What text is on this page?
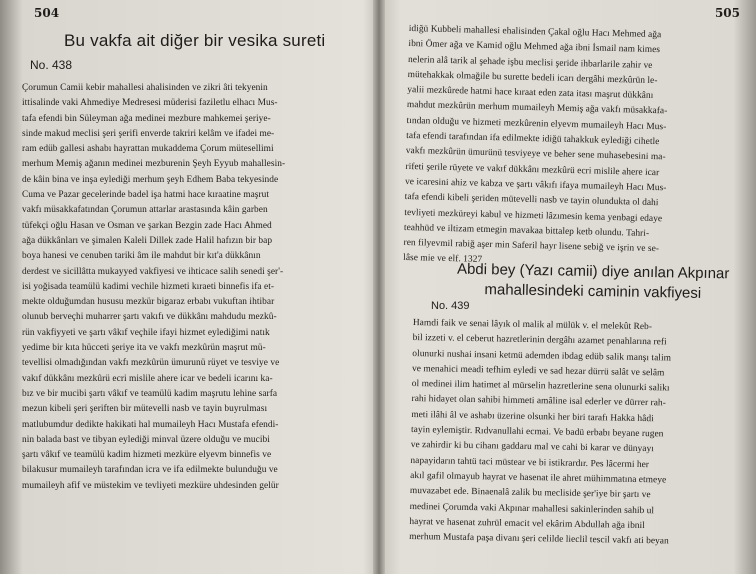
504
Bu vakfa ait diğer bir vesika sureti
No. 438
Çorumun Camii kebir mahallesi ahalisinden ve zikri âti tekyenin
ittisalinde vaki Ahmediye Medresesi müderisi faziletlu elhacı Mus-
tafa efendi bin Süleyman ağa medinei mezbure mahkemei şeriye-
sinde makud meclisi şeri şerifi enverde takriri kelâm ve ifadei me-
ram edüb gallesi ashabı hayrattan mukaddema Çorum mütesellimi
merhum Memiş ağanın medinei mezburenin Şeyh Eyyub mahallesin-
de kâin bina ve inşa eylediği merhum şeyh Edhem Baba tekyesinde
Cuma ve Pazar gecelerinde badel işa hatmi hace kıraatine maşrut
vakfı müsakkafatından Çorumun attarlar arastasında kâin garben
tüfekçi oğlu Hasan ve Osman ve şarkan Bezgin zade Hacı Ahmed
ağa dükkânları ve şimalen Kaleli Dillek zade Halil hafızın bir bap
boya hanesi ve cenuben tariki âm ile mahdut bir kıt'a dükkânın
derdest ve sicillâtta mukayyed vakfiyesi ve ihticace salih senedi şer'-
isi yoğisada teamülü kadimi vechile hizmeti kıraeti binnefis ifa et-
mekte olduğumdan hususu mezkür bigaraz erbabı vukuftan ihtibar
olunub berveçhi muharrer şartı vakıfı ve dükkânı mahdudu mezkû-
rün vakfiyyeti ve şartı vâkıf veçhile ifayi hizmet eylediğimi natık
yedime bir kıta hücceti şeriye ita ve vakfı mezkûrün maşrut mü-
tevellisi olmadığından vakfı mezkûrün ümurunü rüyet ve tesviye ve
vakıf dükkânı mezkûrü ecri mislile ahere icar ve bedeli icarını ka-
bız ve bir mucibi şartı vâkıf ve teamülü kadim maşrutu lehine sarfa
mezun kibeli şeri şeriften bir mütevelli nasb ve tayin buyrulması
matlubumdur dedikte hakikati hal mumaileyh Hacı Mustafa efendi-
nin balada bast ve tibyan eylediği minval üzere olduğu ve mucibi
şartı vâkıf ve teamülü kadim hizmeti mezküre elyevm binnefis ve
bilakusur mumaileyh tarafından icra ve ifa edilmekte bulunduğu ve
mumaileyh afif ve müstekim ve tevliyeti mezküre uhdesinden gelür
505
idiğü Kubbeli mahallesi ehalisinden Çakal oğlu Hacı Mehmed ağa
ibni Ömer ağa ve Kamid oğlu Mehmed ağa ibni İsmail nam kimes
nelerin alâ tarik al şehade işbu meclisi şeride ihbarlarile zahir ve
mütehakkak olmağile bu surette bedeli icarı dergâhi mezkûrün le-
yalii mezkûrede hatmi hace kıraat eden zata itası maşrut dükkânı
mahdut mezkûrün merhum mumaileyh Memiş ağa vakfı müsakkafa-
tından olduğu ve hizmeti mezkûrenin elyevm mumaileyh Hacı Mus-
tafa efendi tarafından ifa edilmekte idiğü tahakkuk eylediği cihetle
vakfı mezkûrün ümurünü tesviyeye ve beher sene muhasebesini ma-
rifeti şerile rüyete ve vakıf dükkânı mezkûrü ecri mislile ahere icar
ve icaresini ahiz ve kabza ve şartı vâkıfı ifaya mumaileyh Hacı Mus-
tafa efendi kibeli şeriden mütevelli nasb ve tayin olundukta ol dahi
tevliyeti mezküreyi kabul ve hizmeti lâzımesin kema yenbagi edaye
teahhüd ve iltizam etmegin mavakaa bittalep ketb olundu. Tahri-
ren filyevmil rabiğ aşer min Saferil hayr lisene sebiğ ve işrin ve se-
lâse mie ve elf. 1327
Abdi bey (Yazı camii) diye anılan Akpınar
mahallesindeki caminin vakfiyesi
No. 439
Hamdi faik ve senai lâyık ol malik al mülük v. el melekût Reb-
bil izzeti v. el ceberut hazretlerinin dergâhı azamet penahlarına refi
olunurki nushai insani ketmü ademden ibdag edüb salik manşı talim
ve menahici meadi tefhim eyledi ve sad hezar dürrü salât ve selâm
ol medinei ilim hatimet al mürselin hazretlerine sena olunurki salikı
rahi hidayet olan sahibi himmeti amâline isal ederler ve dürrer rah-
meti ilâhi âl ve ashabı üzerine olsunki her biri tarafı Hakka hâdi
tayin eylemiştir. Rıdvanullahi ecmai. Ve badü erbabı beyane rugen
ve zahirdir ki bu cihanı gaddaru mal ve cahi bi karar ve dünyayı
napayidarın tahtü taci müstear ve bi istikrardır. Pes lâcermi her
akıl gafil olmayub hayrat ve hasenat ile ahret mühimmatına etmeye
muvazabet ede. Binaenalâ zalik bu mecliside şer'iye bir şartı ve
medinei Çorumda vaki Akpınar mahallesi sakinlerinden sahib ul
hayrat ve hasenat zuhrül emacit vel ekârim Abdullah ağa ibnil
merhum Mustafa paşa divanı şeri celilde lieclil tescil vakfı ati beyan
